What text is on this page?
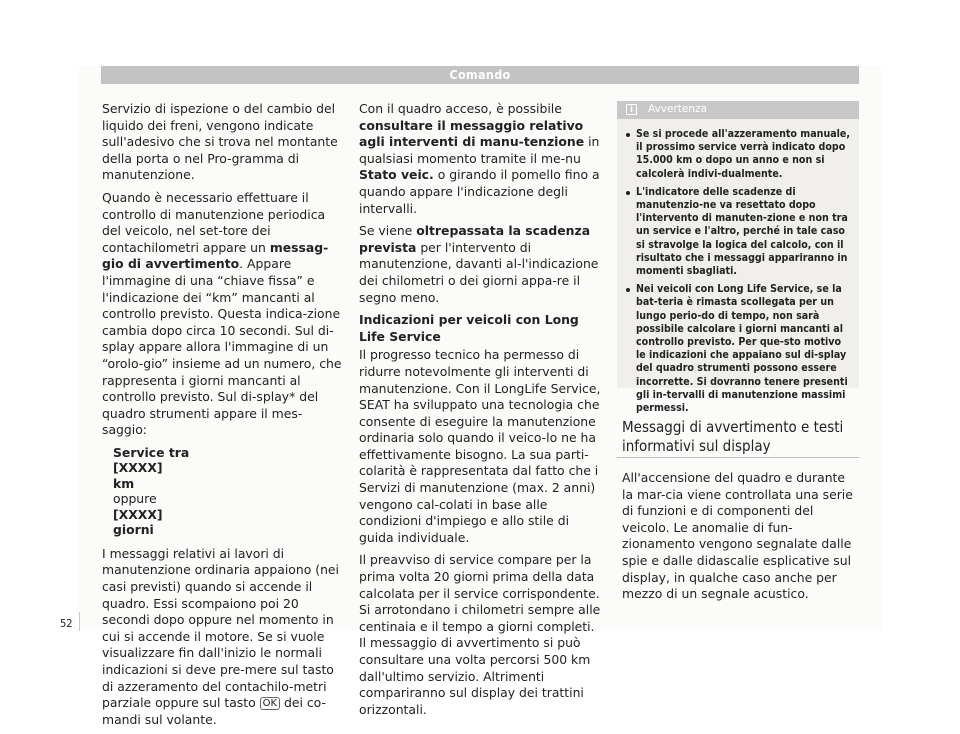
Comando

Servizio di ispezione o del cambio del liquido dei freni, vengono indicate sull'adesivo che si trova nel montante della porta o nel Pro-gramma di manutenzione.

Quando è necessario effettuare il controllo di manutenzione periodica del veicolo, nel set-tore dei contachilometri appare un messag-gio di avvertimento. Appare l'immagine di una “chiave fissa” e l'indicazione dei “km” mancanti al controllo previsto. Questa indica-zione cambia dopo circa 10 secondi. Sul di-splay appare allora l'immagine di un “orolo-gio” insieme ad un numero, che rappresenta i giorni mancanti al controllo previsto. Sul di-splay* del quadro strumenti appare il mes-saggio:

Service tra
[XXXX]
km
oppure
[XXXX]
giorni

I messaggi relativi ai lavori di manutenzione ordinaria appaiono (nei casi previsti) quando si accende il quadro. Essi scompaiono poi 20 secondi dopo oppure nel momento in cui si accende il motore. Se si vuole visualizzare fin dall'inizio le normali indicazioni si deve pre-mere sul tasto di azzeramento del contachilo-metri parziale oppure sul tasto OK dei co-mandi sul volante.

Con il quadro acceso, è possibile consultare il messaggio relativo agli interventi di manu-tenzione in qualsiasi momento tramite il me-nu Stato veic. o girando il pomello fino a quando appare l'indicazione degli intervalli.

Se viene oltrepassata la scadenza prevista per l'intervento di manutenzione, davanti al-l'indicazione dei chilometri o dei giorni appa-re il segno meno.

Indicazioni per veicoli con Long Life Service

Il progresso tecnico ha permesso di ridurre notevolmente gli interventi di manutenzione. Con il LongLife Service, SEAT ha sviluppato una tecnologia che consente di eseguire la manutenzione ordinaria solo quando il veico-lo ne ha effettivamente bisogno. La sua parti-colarità è rappresentata dal fatto che i Servizi di manutenzione (max. 2 anni) vengono cal-colati in base alle condizioni d'impiego e allo stile di guida individuale.

Il preavviso di service compare per la prima volta 20 giorni prima della data calcolata per il service corrispondente. Si arrotondano i chilometri sempre alle centinaia e il tempo a giorni completi. Il messaggio di avvertimento si può consultare una volta percorsi 500 km dall'ultimo servizio. Altrimenti compariranno sul display dei trattini orizzontali.

i	Avvertenza
Se si procede all'azzeramento manuale, il prossimo service verrà indicato dopo 15.000 km o dopo un anno e non si calcolerà indivi-dualmente.
L'indicatore delle scadenze di manutenzio-ne va resettato dopo l'intervento di manuten-zione e non tra un service e l'altro, perché in tale caso si stravolge la logica del calcolo, con il risultato che i messaggi appariranno in momenti sbagliati.
Nei veicoli con Long Life Service, se la bat-teria è rimasta scollegata per un lungo perio-do di tempo, non sarà possibile calcolare i giorni mancanti al controllo previsto. Per que-sto motivo le indicazioni che appaiano sul di-splay del quadro strumenti possono essere incorrette. Si dovranno tenere presenti gli in-tervalli di manutenzione massimi permessi.
Messaggi di avvertimento e testi informativi sul display

All'accensione del quadro e durante la mar-cia viene controllata una serie di funzioni e di componenti del veicolo. Le anomalie di fun-zionamento vengono segnalate dalle spie e dalle didascalie esplicative sul display, in qualche caso anche per mezzo di un segnale acustico.

52
